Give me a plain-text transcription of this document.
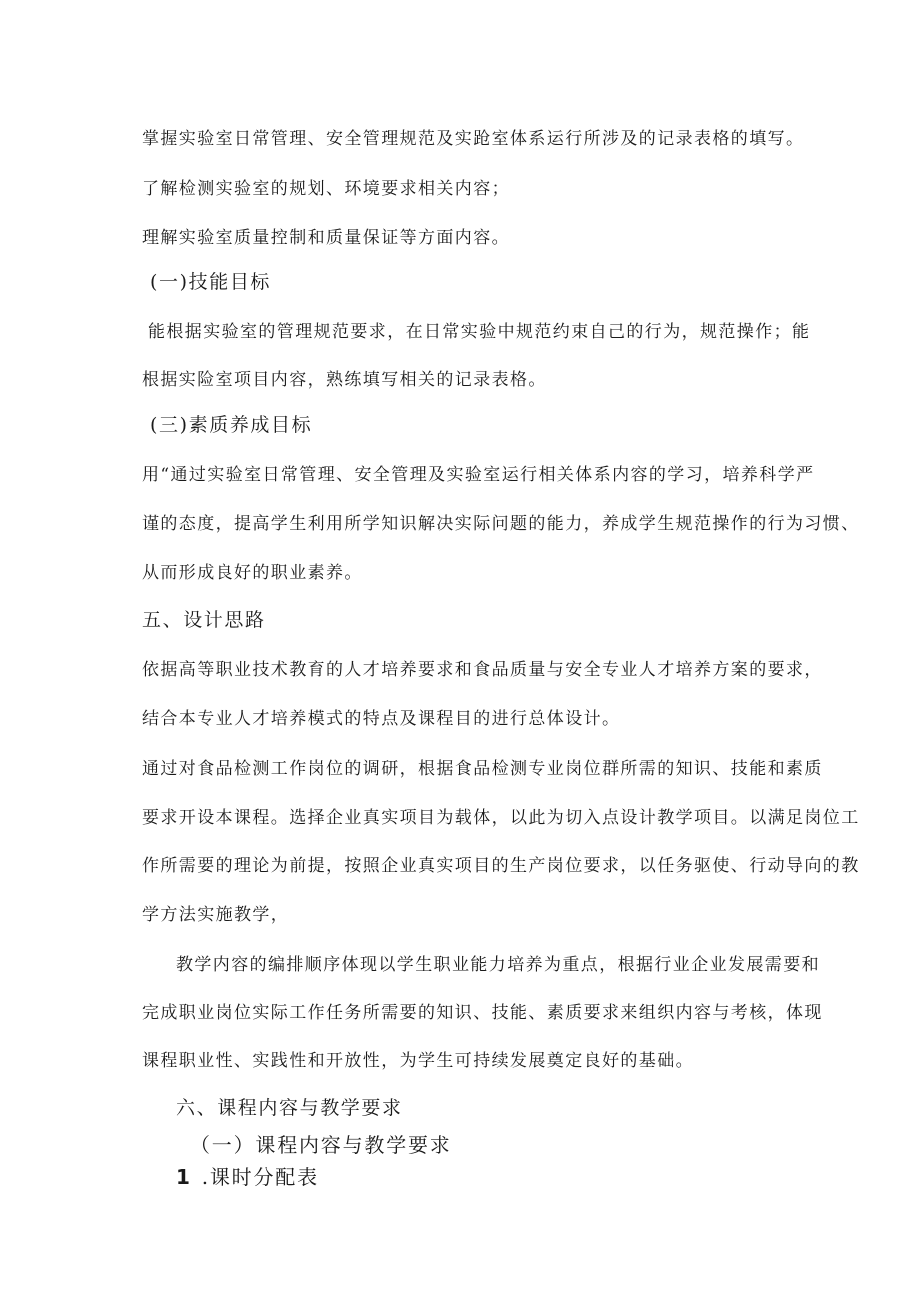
掌握实验室日常管理、安全管理规范及实跄室体系运行所涉及的记录表格的填写。
了解检测实验室的规划、环境要求相关内容；
理解实验室质量控制和质量保证等方面内容。
(一)技能目标
能根据实验室的管理规范要求，在日常实验中规范约束自己的行为，规范操作；能
根据实险室项目内容，熟练填写相关的记录表格。
(三)素质养成目标
用“通过实验室日常管理、安全管理及实验室运行相关体系内容的学习，培养科学严
谨的态度，提高学生利用所学知识解决实际问题的能力，养成学生规范操作的行为习惯、
从而形成良好的职业素养。
五、设计思路
依据高等职业技术教育的人才培养要求和食品质量与安全专业人才培养方案的要求，
结合本专业人才培养模式的特点及课程目的进行总体设计。
通过对食品检测工作岗位的调研，根据食品检测专业岗位群所需的知识、技能和素质
要求开设本课程。选择企业真实项目为载体，以此为切入点设计教学项目。以满足岗位工
作所需要的理论为前提，按照企业真实项目的生产岗位要求，以任务驱使、行动导向的教
学方法实施教学，
教学内容的编排顺序体现以学生职业能力培养为重点，根据行业企业发展需要和
完成职业岗位实际工作任务所需要的知识、技能、素质要求来组织内容与考核，体现
课程职业性、实践性和开放性，为学生可持续发展奠定良好的基础。
六、课程内容与教学要求
（一）课程内容与教学要求
1 .课时分配表
